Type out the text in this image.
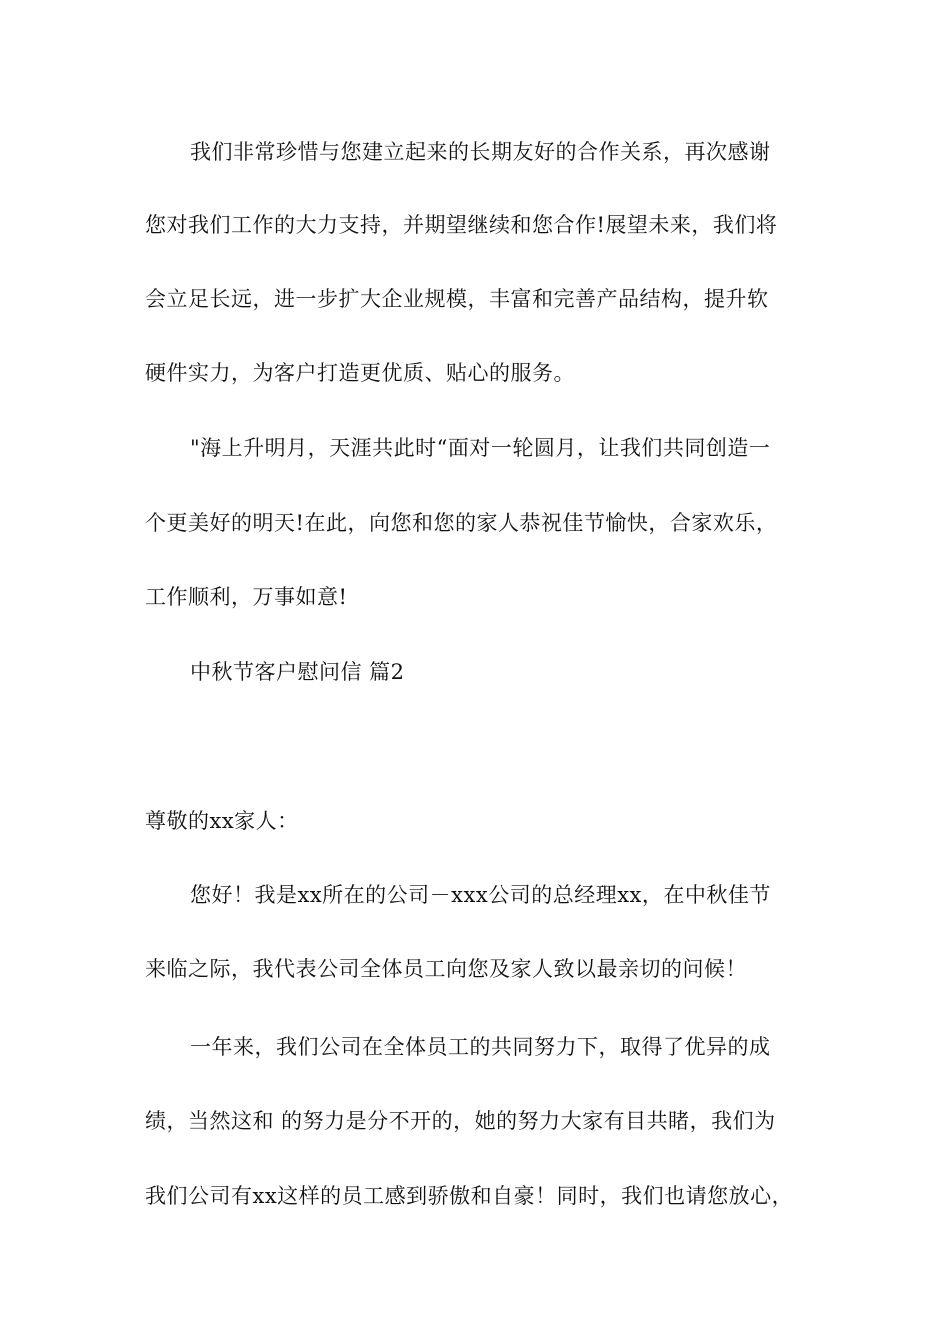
我们非常珍惜与您建立起来的长期友好的合作关系，再次感谢
您对我们工作的大力支持，并期望继续和您合作!展望未来，我们将
会立足长远，进一步扩大企业规模，丰富和完善产品结构，提升软
硬件实力，为客户打造更优质、贴心的服务。
"海上升明月，天涯共此时“面对一轮圆月，让我们共同创造一
个更美好的明天!在此，向您和您的家人恭祝佳节愉快，合家欢乐，
工作顺利，万事如意!
中秋节客户慰问信 篇2
尊敬的xx家人：
您好！我是xx所在的公司－xxx公司的总经理xx，在中秋佳节
来临之际，我代表公司全体员工向您及家人致以最亲切的问候！
一年来，我们公司在全体员工的共同努力下，取得了优异的成
绩，当然这和 的努力是分不开的，她的努力大家有目共睹，我们为
我们公司有xx这样的员工感到骄傲和自豪！同时，我们也请您放心，
